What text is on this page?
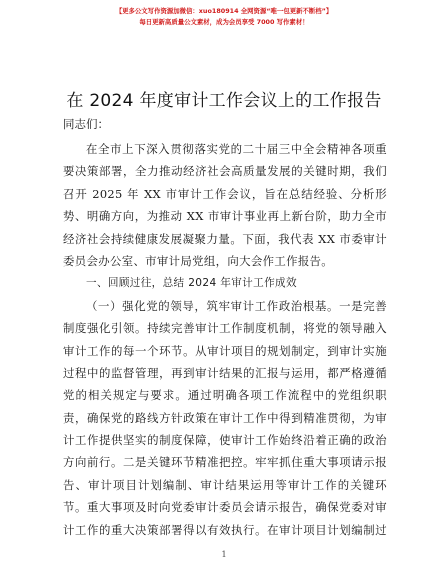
【更多公文写作资源加微信：xuo180914 全网资源“唯一包更新不断档”】
每日更新高质量公文素材，成为会员享受 7000 写作素材！
在 2024 年度审计工作会议上的工作报告
同志们：
在全市上下深入贯彻落实党的二十届三中全会精神各项重
要决策部署，全力推动经济社会高质量发展的关键时期，我们
召开 2025 年 XX 市审计工作会议，旨在总结经验、分析形
势、明确方向，为推动 XX 市审计事业再上新台阶，助力全市
经济社会持续健康发展凝聚力量。下面，我代表 XX 市委审计
委员会办公室、市审计局党组，向大会作工作报告。
一、回顾过往，总结 2024 年审计工作成效
（一）强化党的领导，筑牢审计工作政治根基。一是完善
制度强化引领。持续完善审计工作制度机制，将党的领导融入
审计工作的每一个环节。从审计项目的规划制定，到审计实施
过程中的监督管理，再到审计结果的汇报与运用，都严格遵循
党的相关规定与要求。通过明确各项工作流程中的党组织职
责，确保党的路线方针政策在审计工作中得到精准贯彻，为审
计工作提供坚实的制度保障，使审计工作始终沿着正确的政治
方向前行。二是关键环节精准把控。牢牢抓住重大事项请示报
告、审计项目计划编制、审计结果运用等审计工作的关键环
节。重大事项及时向党委审计委员会请示报告，确保党委对审
计工作的重大决策部署得以有效执行。在审计项目计划编制过
1
